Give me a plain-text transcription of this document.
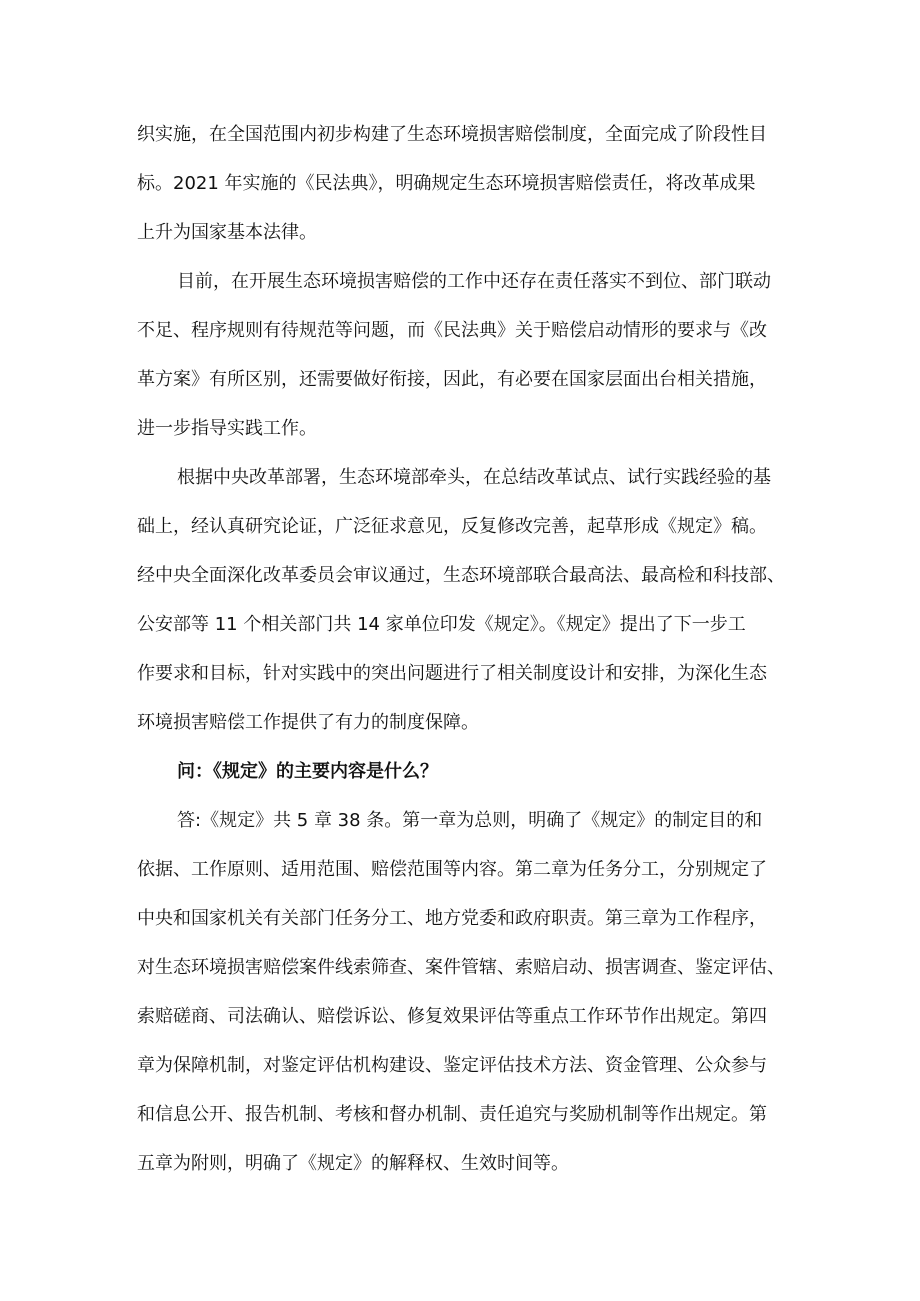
织实施，在全国范围内初步构建了生态环境损害赔偿制度，全面完成了阶段性目
标。2021 年实施的《民法典》，明确规定生态环境损害赔偿责任，将改革成果
上升为国家基本法律。
目前，在开展生态环境损害赔偿的工作中还存在责任落实不到位、部门联动
不足、程序规则有待规范等问题，而《民法典》关于赔偿启动情形的要求与《改
革方案》有所区别，还需要做好衔接，因此，有必要在国家层面出台相关措施，
进一步指导实践工作。
根据中央改革部署，生态环境部牵头，在总结改革试点、试行实践经验的基
础上，经认真研究论证，广泛征求意见，反复修改完善，起草形成《规定》稿。
经中央全面深化改革委员会审议通过，生态环境部联合最高法、最高检和科技部、
公安部等 11 个相关部门共 14 家单位印发《规定》。《规定》提出了下一步工
作要求和目标，针对实践中的突出问题进行了相关制度设计和安排，为深化生态
环境损害赔偿工作提供了有力的制度保障。
问：《规定》的主要内容是什么？
答:《规定》共 5 章 38 条。第一章为总则，明确了《规定》的制定目的和
依据、工作原则、适用范围、赔偿范围等内容。第二章为任务分工，分别规定了
中央和国家机关有关部门任务分工、地方党委和政府职责。第三章为工作程序，
对生态环境损害赔偿案件线索筛查、案件管辖、索赔启动、损害调查、鉴定评估、
索赔磋商、司法确认、赔偿诉讼、修复效果评估等重点工作环节作出规定。第四
章为保障机制，对鉴定评估机构建设、鉴定评估技术方法、资金管理、公众参与
和信息公开、报告机制、考核和督办机制、责任追究与奖励机制等作出规定。第
五章为附则，明确了《规定》的解释权、生效时间等。
